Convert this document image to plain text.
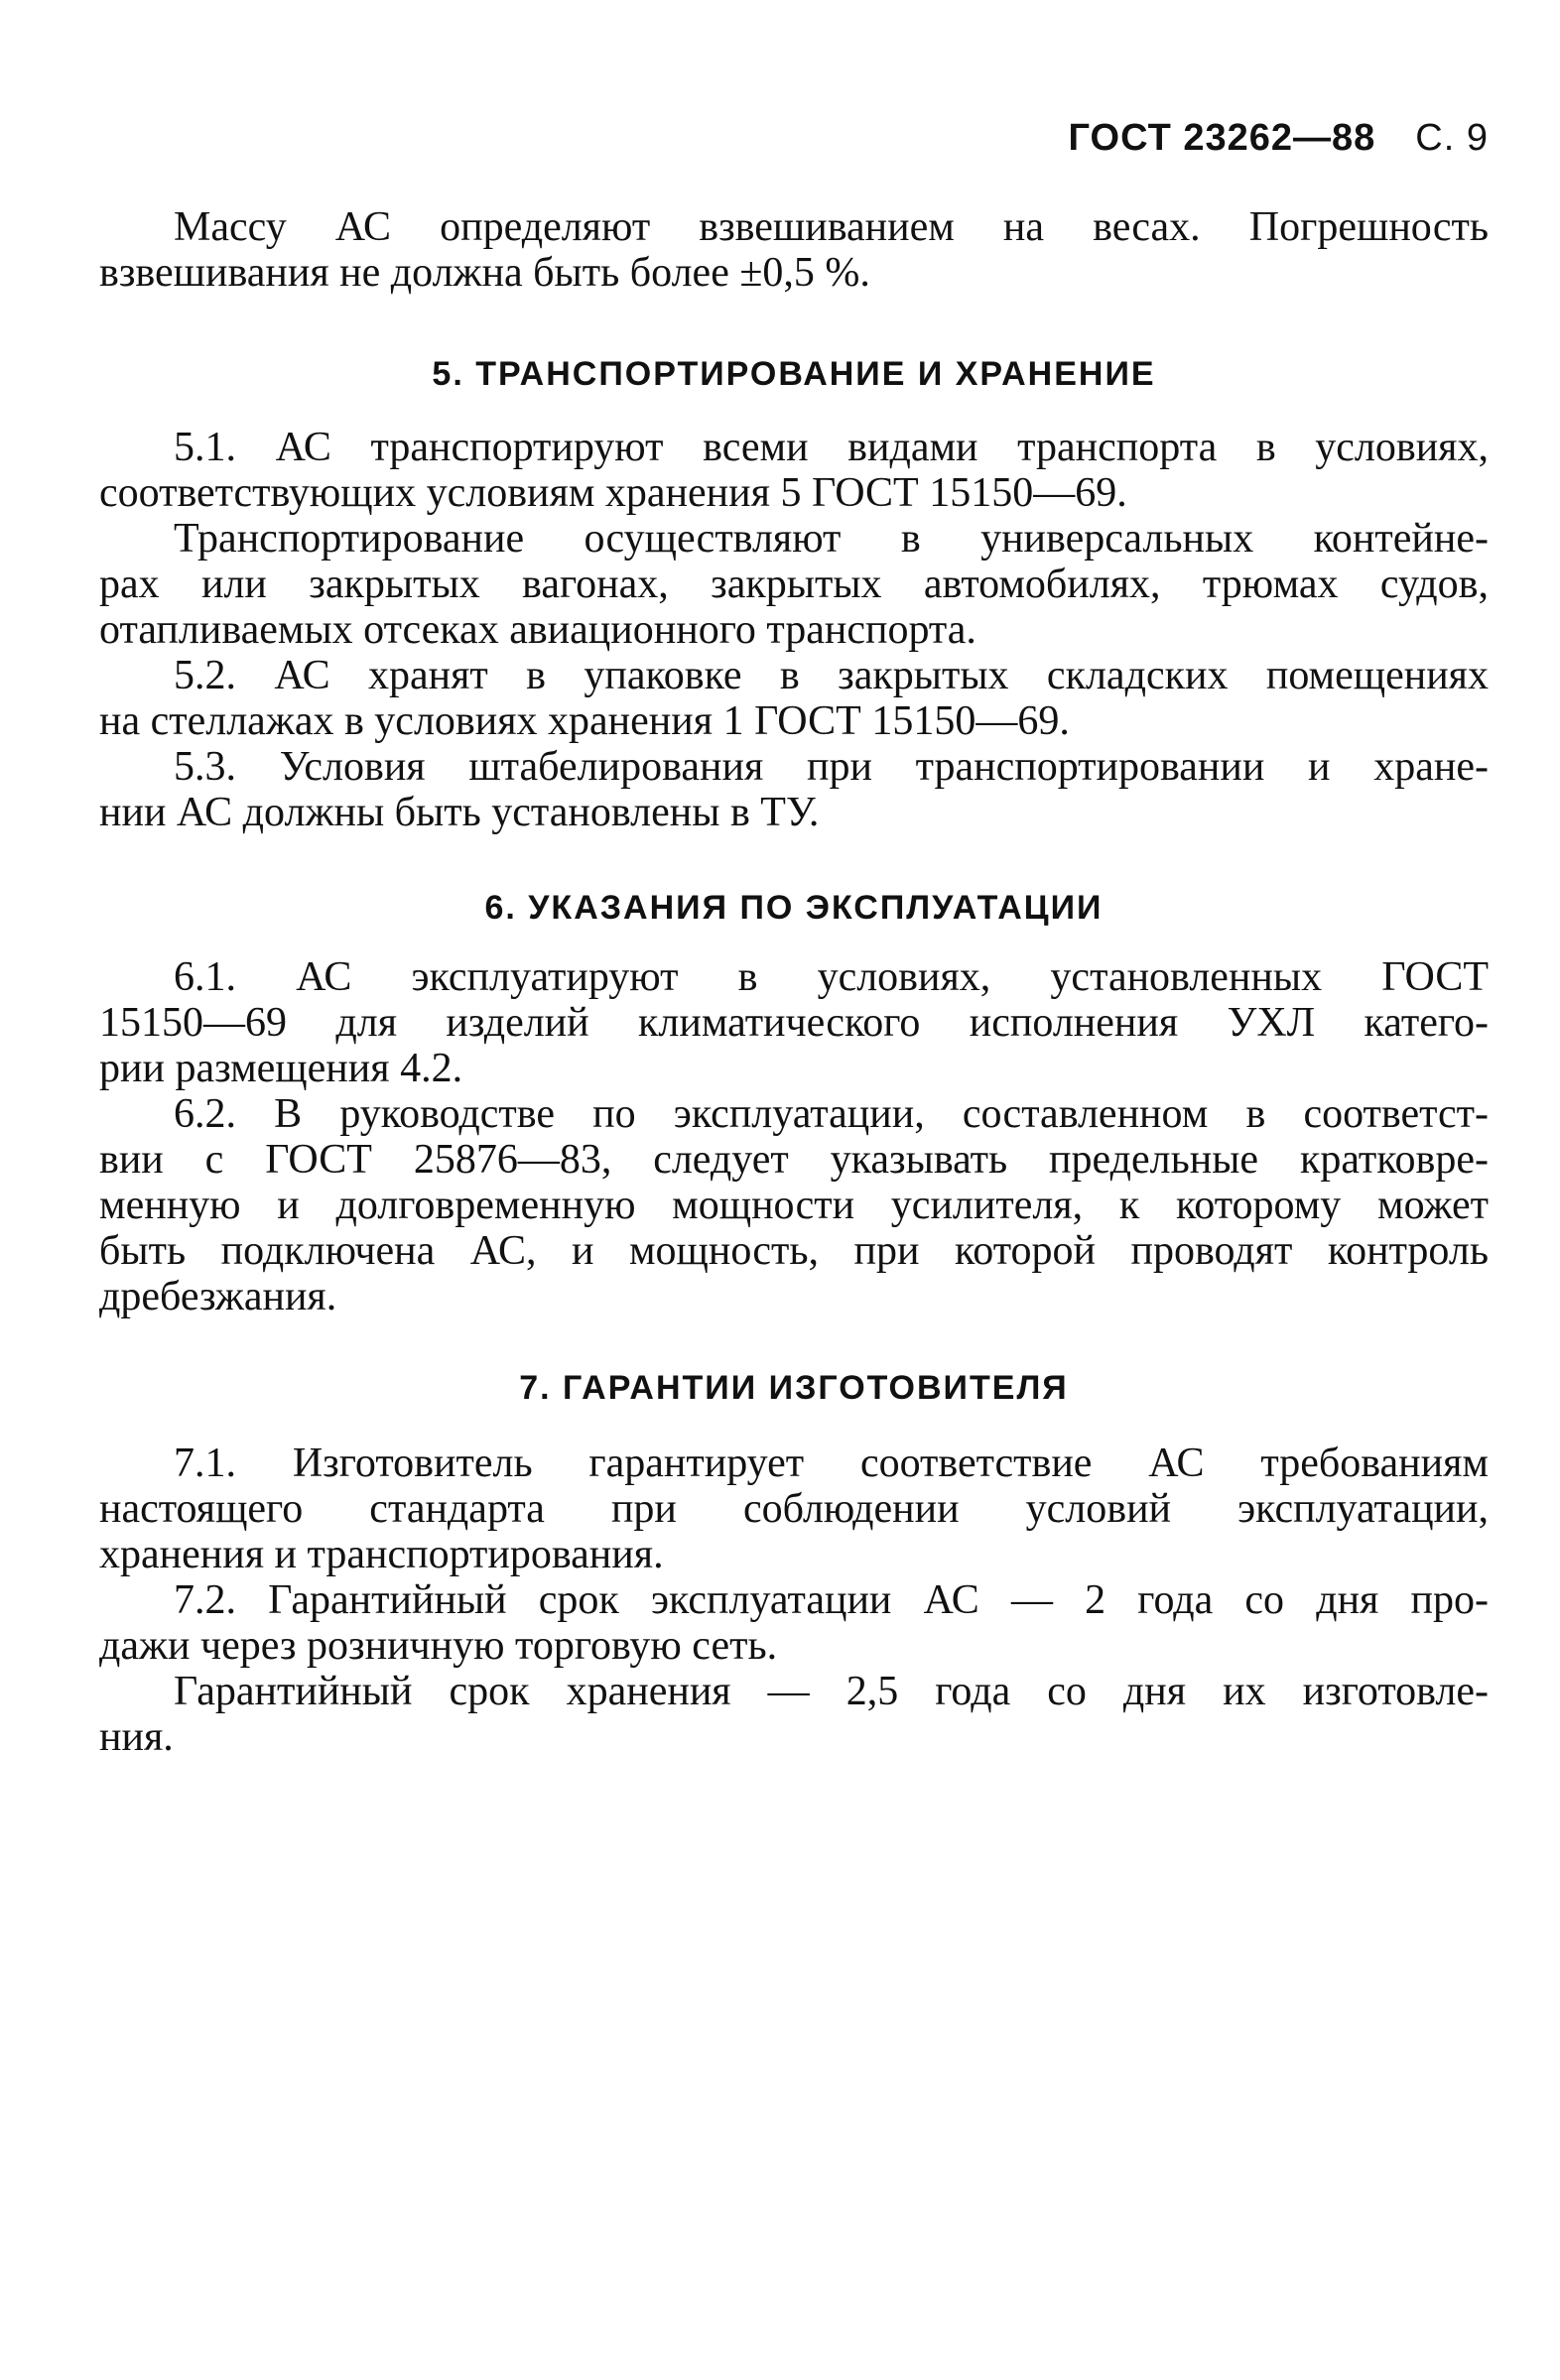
ГОСТ 23262—88 С. 9
Массу АС определяют взвешиванием на весах. Погрешность
взвешивания не должна быть более ±0,5 %.
5. ТРАНСПОРТИРОВАНИЕ И ХРАНЕНИЕ
5.1. АС транспортируют всеми видами транспорта в условиях,
соответствующих условиям хранения 5 ГОСТ 15150—69.
Транспортирование осуществляют в универсальных контейне-
рах или закрытых вагонах, закрытых автомобилях, трюмах судов,
отапливаемых отсеках авиационного транспорта.
5.2. АС хранят в упаковке в закрытых складских помещениях
на стеллажах в условиях хранения 1 ГОСТ 15150—69.
5.3. Условия штабелирования при транспортировании и хране-
нии АС должны быть установлены в ТУ.
6. УКАЗАНИЯ ПО ЭКСПЛУАТАЦИИ
6.1. АС эксплуатируют в условиях, установленных ГОСТ
15150—69 для изделий климатического исполнения УХЛ катего-
рии размещения 4.2.
6.2. В руководстве по эксплуатации, составленном в соответст-
вии с ГОСТ 25876—83, следует указывать предельные кратковре-
менную и долговременную мощности усилителя, к которому может
быть подключена АС, и мощность, при которой проводят контроль
дребезжания.
7. ГАРАНТИИ ИЗГОТОВИТЕЛЯ
7.1. Изготовитель гарантирует соответствие АС требованиям
настоящего стандарта при соблюдении условий эксплуатации,
хранения и транспортирования.
7.2. Гарантийный срок эксплуатации АС — 2 года со дня про-
дажи через розничную торговую сеть.
Гарантийный срок хранения — 2,5 года со дня их изготовле-
ния.
